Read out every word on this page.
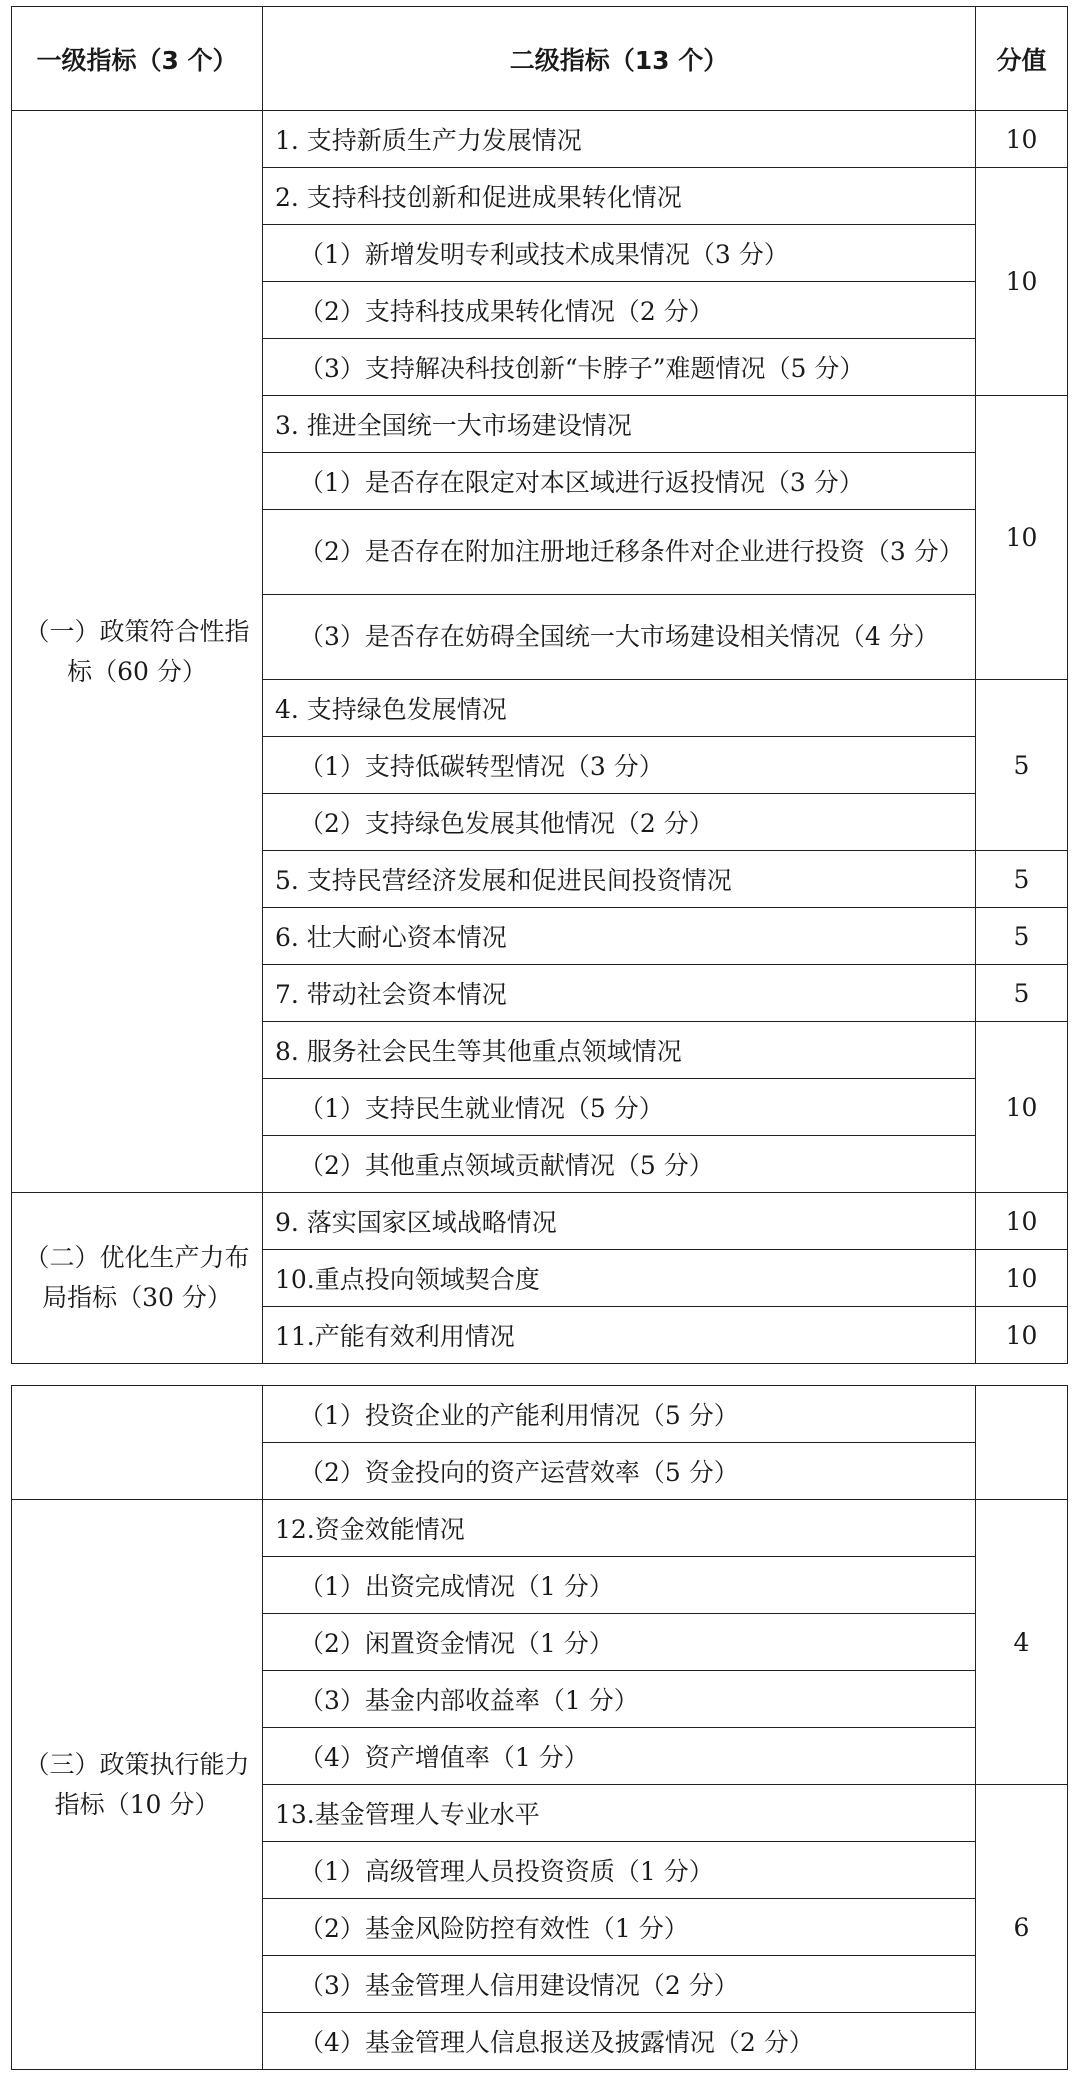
一级指标（3 个）	二级指标（13 个）	分值
（一）政策符合性指标（60 分）	1. 支持新质生产力发展情况	10
	2. 支持科技创新和促进成果转化情况	10
	（1）新增发明专利或技术成果情况（3 分）	
	（2）支持科技成果转化情况（2 分）	
	（3）支持解决科技创新“卡脖子”难题情况（5 分）	
	3. 推进全国统一大市场建设情况	10
	（1）是否存在限定对本区域进行返投情况（3 分）	

	（2）是否存在附加注册地迁移条件对企业进行投资（3 分）	

	（3）是否存在妨碍全国统一大市场建设相关情况（4 分）	

	4. 支持绿色发展情况	5
	（1）支持低碳转型情况（3 分）	
	（2）支持绿色发展其他情况（2 分）	
	5. 支持民营经济发展和促进民间投资情况	5
	6. 壮大耐心资本情况	5
	7. 带动社会资本情况	5
	8. 服务社会民生等其他重点领域情况	10
	（1）支持民生就业情况（5 分）	
	（2）其他重点领域贡献情况（5 分）	

（二）优化生产力布局指标（30 分）	9. 落实国家区域战略情况	10
	10.重点投向领域契合度	10
	11.产能有效利用情况	10
	（1）投资企业的产能利用情况（5 分）	
	（2）资金投向的资产运营效率（5 分）	
（三）政策执行能力指标（10 分）	12.资金效能情况	4
	（1）出资完成情况（1 分）	
	（2）闲置资金情况（1 分）	
	（3）基金内部收益率（1 分）	
	（4）资产增值率（1 分）	
	13.基金管理人专业水平	6
	（1）高级管理人员投资资质（1 分）	
	（2）基金风险防控有效性（1 分）	
	（3）基金管理人信用建设情况（2 分）	
	（4）基金管理人信息报送及披露情况（2 分）	
